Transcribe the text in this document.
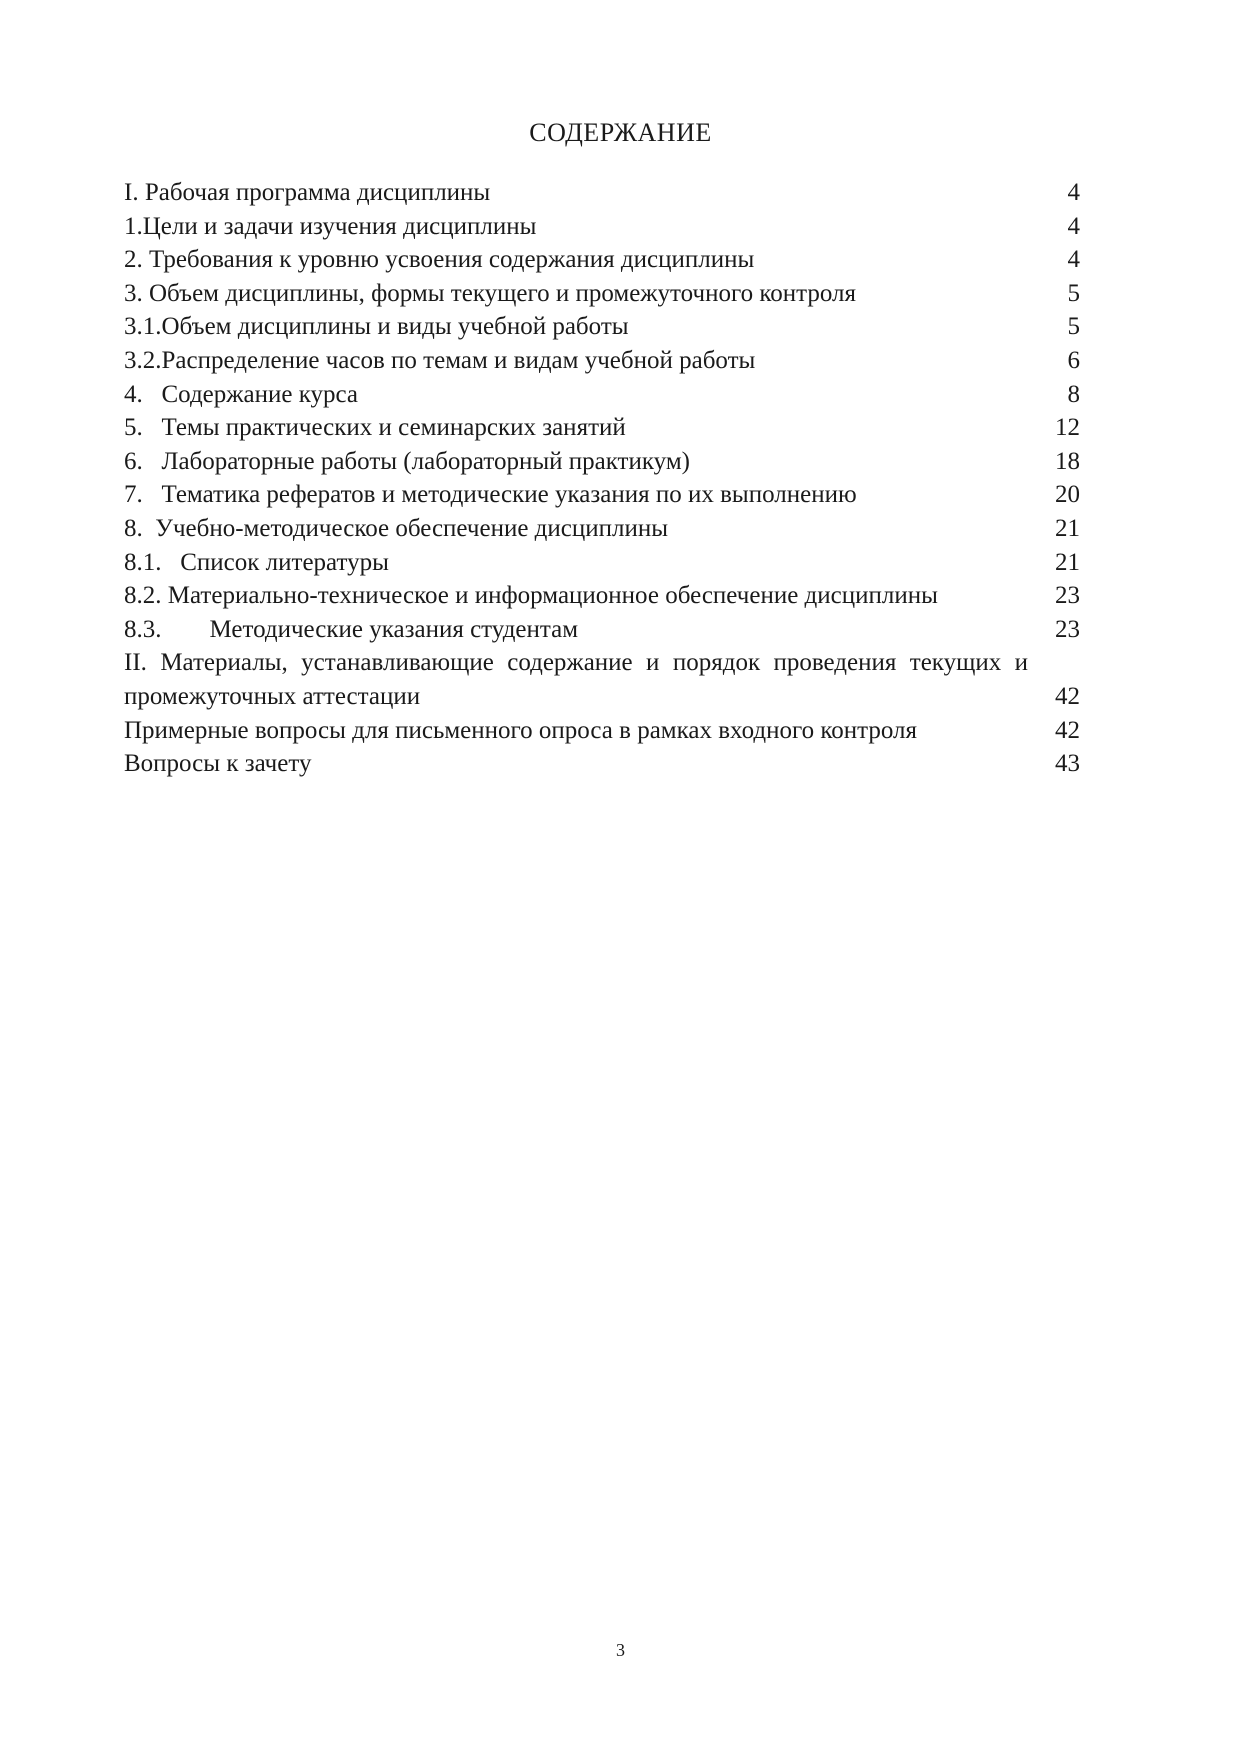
СОДЕРЖАНИЕ
I. Рабочая программа дисциплины	4
1.Цели и задачи изучения дисциплины	4
2. Требования к уровню усвоения содержания дисциплины	4
3. Объем дисциплины, формы текущего и промежуточного контроля	5
3.1.Объем дисциплины и виды учебной работы	5
3.2.Распределение часов по темам и видам учебной работы	6
4. Содержание курса	8
5. Темы практических и семинарских занятий	12
6. Лабораторные работы (лабораторный практикум)	18
7. Тематика рефератов и методические указания по их выполнению	20
8. Учебно-методическое обеспечение дисциплины	21
8.1. Список литературы	21
8.2. Материально-техническое и информационное обеспечение дисциплины	23
8.3. Методические указания студентам	23
II. Материалы, устанавливающие содержание и порядок проведения текущих и промежуточных аттестации	42
Примерные вопросы для письменного опроса в рамках входного контроля	42
Вопросы к зачету	43
3
